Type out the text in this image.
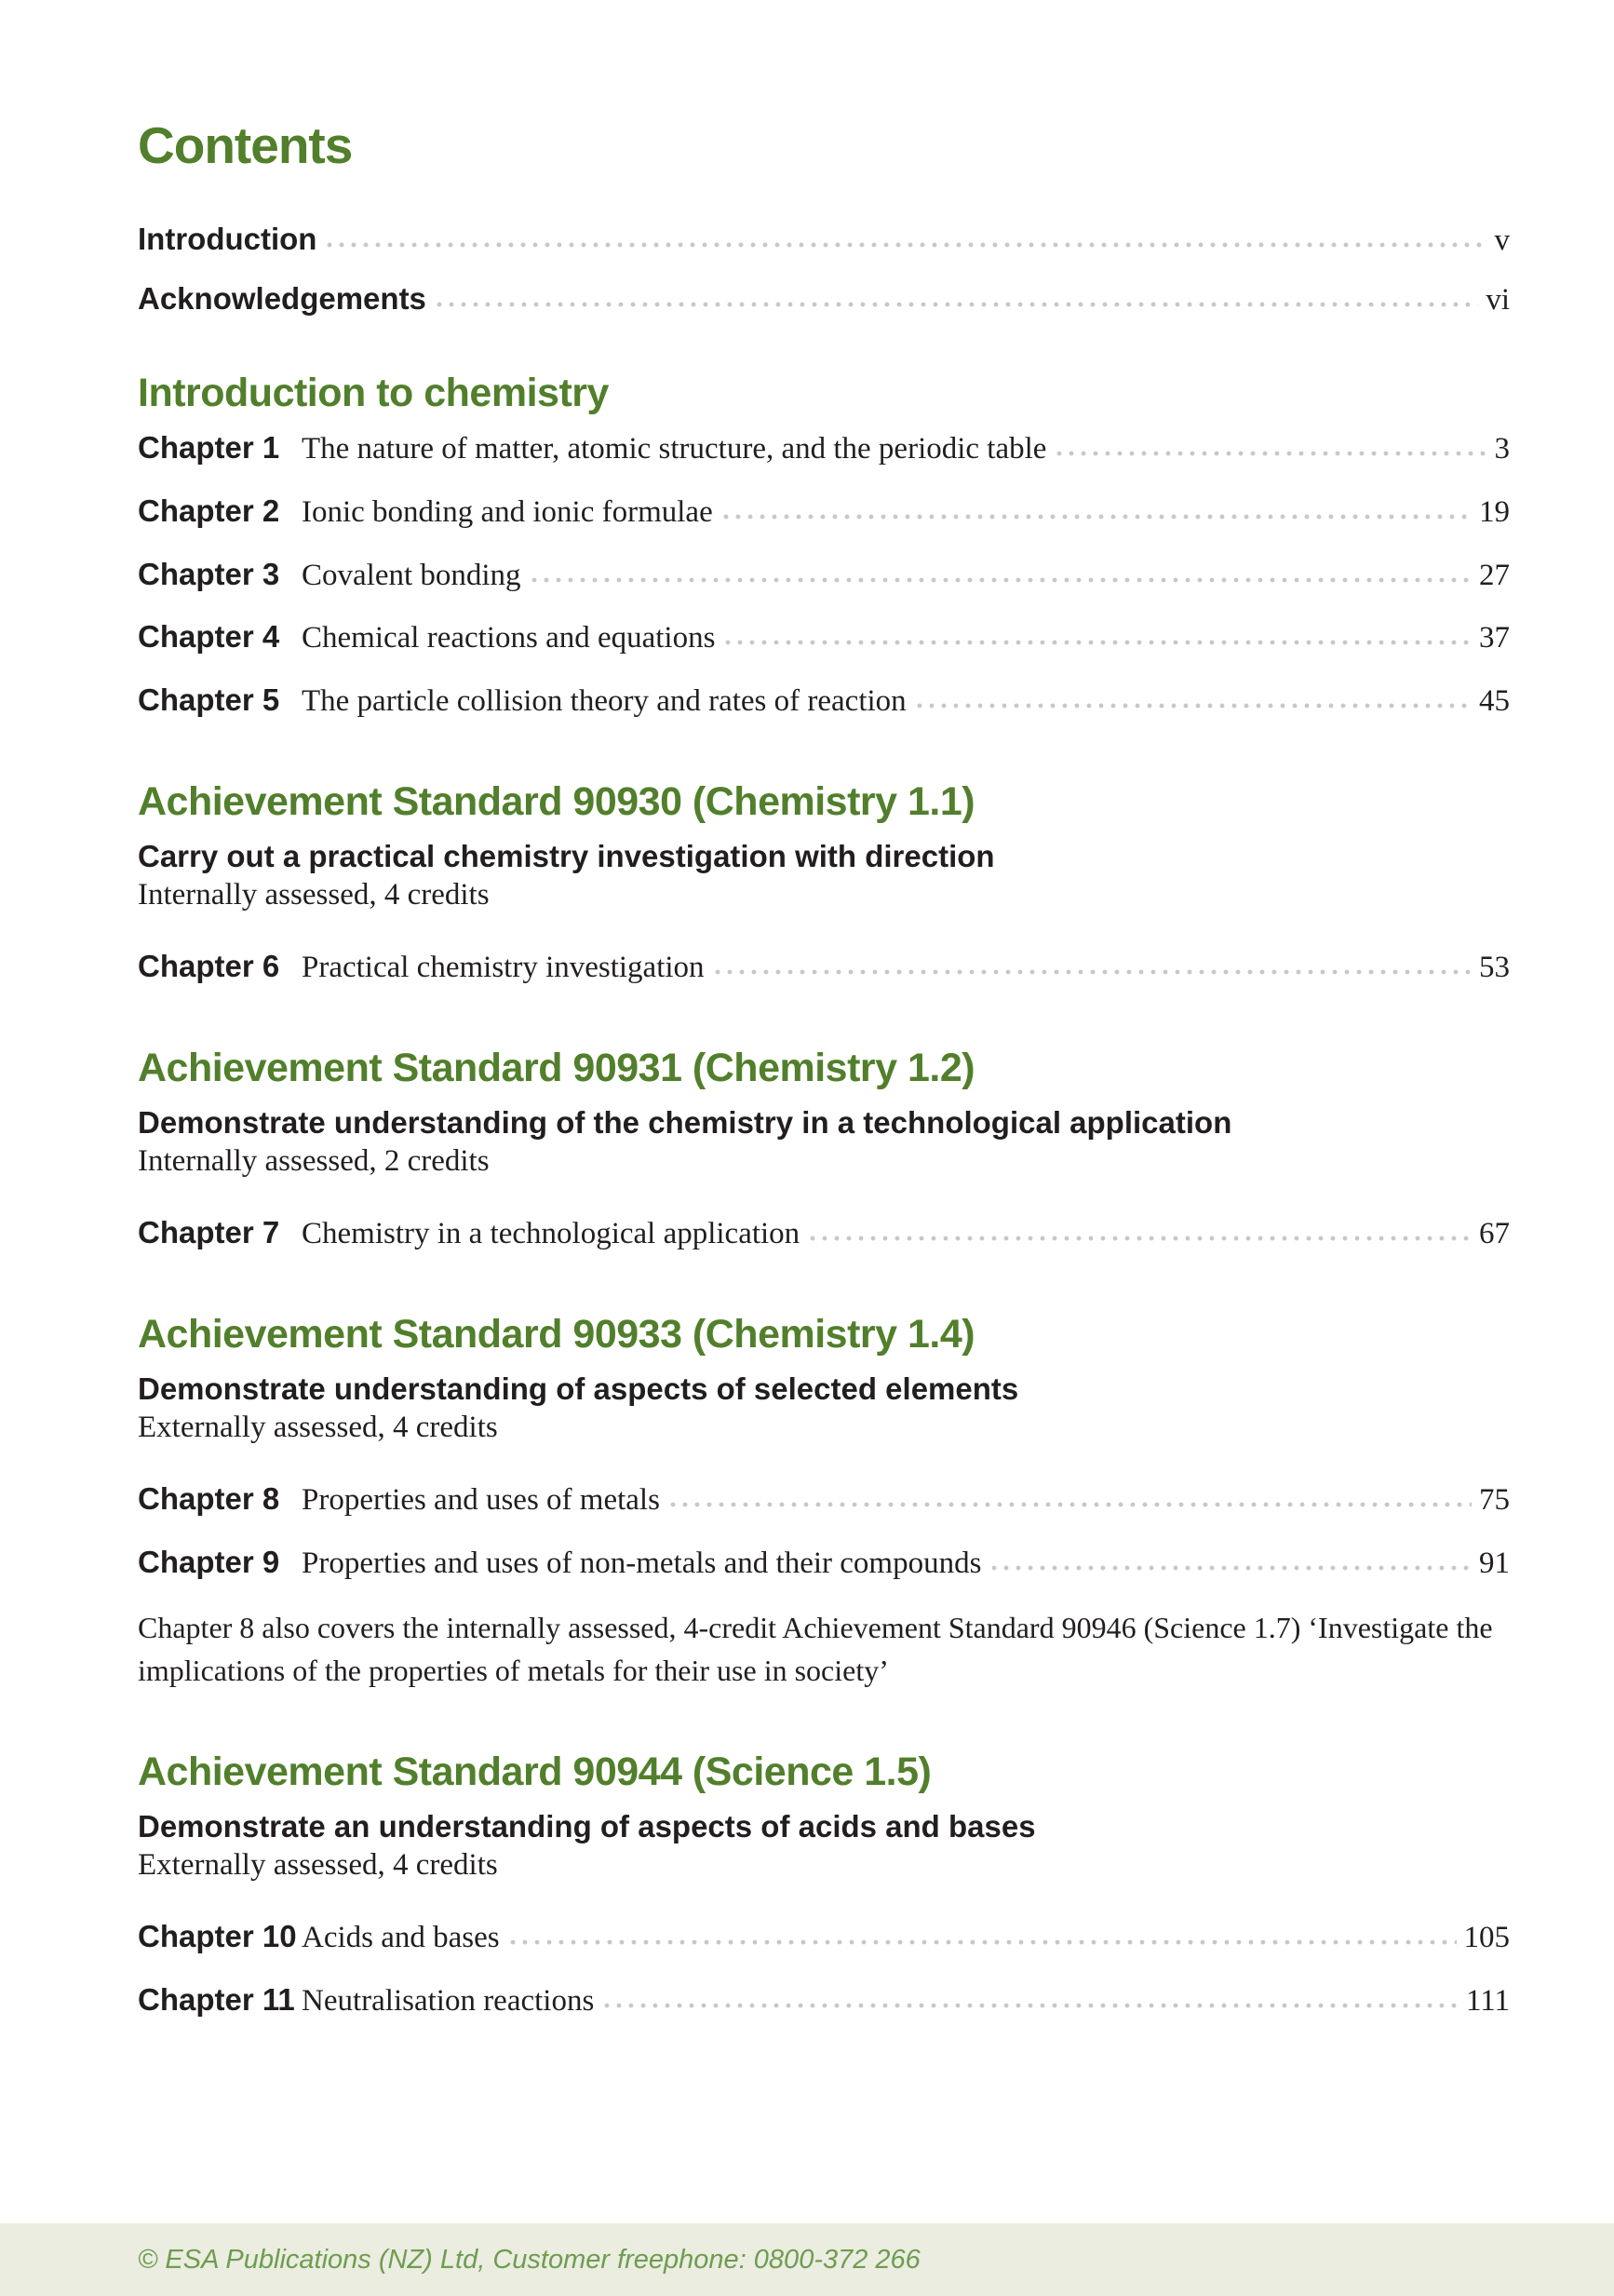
Contents
Introduction	v
Acknowledgements	vi
Introduction to chemistry
Chapter 1 The nature of matter, atomic structure, and the periodic table	3
Chapter 2 Ionic bonding and ionic formulae	19
Chapter 3 Covalent bonding	27
Chapter 4 Chemical reactions and equations	37
Chapter 5 The particle collision theory and rates of reaction	45
Achievement Standard 90930 (Chemistry 1.1)

Carry out a practical chemistry investigation with direction

Internally assessed, 4 credits

Chapter 6 Practical chemistry investigation	53
Achievement Standard 90931 (Chemistry 1.2)

Demonstrate understanding of the chemistry in a technological application

Internally assessed, 2 credits

Chapter 7 Chemistry in a technological application	67
Achievement Standard 90933 (Chemistry 1.4)

Demonstrate understanding of aspects of selected elements

Externally assessed, 4 credits

Chapter 8 Properties and uses of metals	75
Chapter 9 Properties and uses of non-metals and their compounds	91

Chapter 8 also covers the internally assessed, 4-credit Achievement Standard 90946 (Science 1.7) ‘Investigate the implications of the properties of metals for their use in society’

Achievement Standard 90944 (Science 1.5)

Demonstrate an understanding of aspects of acids and bases

Externally assessed, 4 credits

Chapter 10 Acids and bases	105
Chapter 11 Neutralisation reactions	111
© ESA Publications (NZ) Ltd, Customer freephone: 0800-372 266
